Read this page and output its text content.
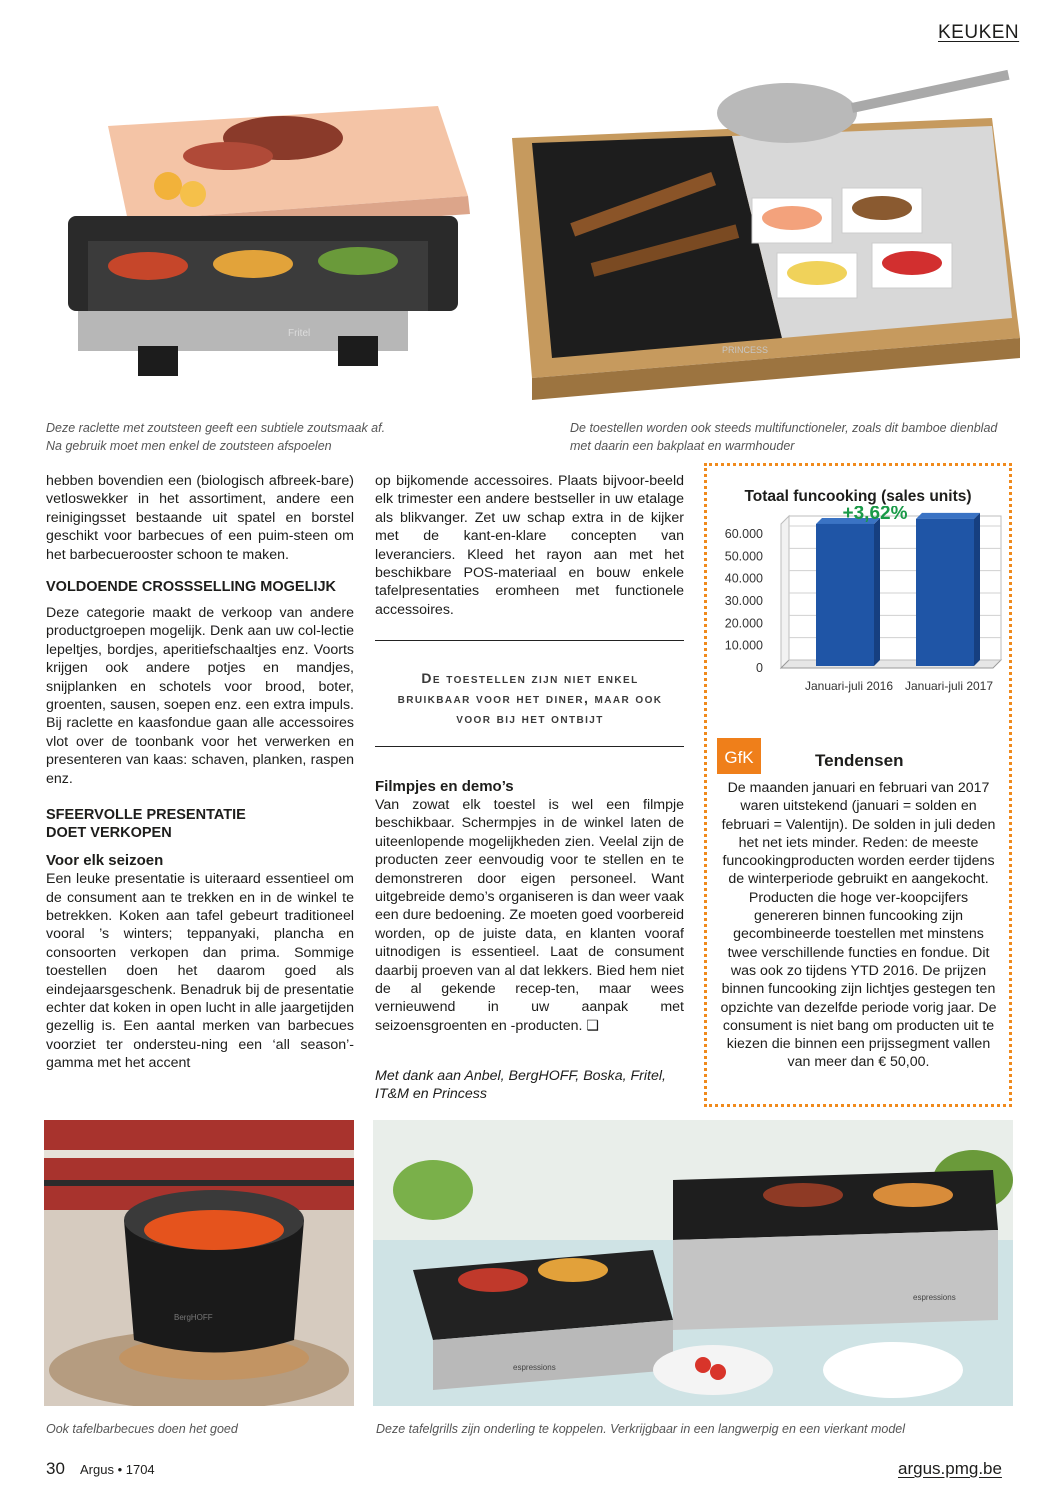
KEUKEN
Fritel
PRINCESS
Deze raclette met zoutsteen geeft een subtiele zoutsmaak af.
Na gebruik moet men enkel de zoutsteen afspoelen
De toestellen worden ook steeds multifunctioneler, zoals dit bamboe dienblad
met daarin een bakplaat en warmhouder

hebben bovendien een (biologisch afbreek-bare) vetloswekker in het assortiment, andere een reinigingsset bestaande uit spatel en borstel geschikt voor barbecues of een puim-steen om het barbecuerooster schoon te maken.

VOLDOENDE CROSSSELLING MOGELIJK

Deze categorie maakt de verkoop van andere productgroepen mogelijk. Denk aan uw col-lectie lepeltjes, bordjes, aperitiefschaaltjes enz. Voorts krijgen ook andere potjes en mandjes, snijplanken en schotels voor brood, boter, groenten, sausen, soepen enz. een extra impuls. Bij raclette en kaasfondue gaan alle accessoires vlot over de toonbank voor het verwerken en presenteren van kaas: schaven, planken, raspen enz.

SFEERVOLLE PRESENTATIE

DOET VERKOPEN

Voor elk seizoen

Een leuke presentatie is uiteraard essentieel om de consument aan te trekken en in de winkel te betrekken. Koken aan tafel gebeurt traditioneel vooral ’s winters; teppanyaki, plancha en consoorten verkopen dan prima. Sommige toestellen doen het daarom goed als eindejaarsgeschenk. Benadruk bij de presentatie echter dat koken in open lucht in alle jaargetijden gezellig is. Een aantal merken van barbecues voorziet ter ondersteu-ning een ‘all season’-gamma met het accent

op bijkomende accessoires. Plaats bijvoor-beeld elk trimester een andere bestseller in uw etalage als blikvanger. Zet uw schap extra in de kijker met de kant-en-klare concepten van leveranciers. Kleed het rayon aan met het beschikbare POS-materiaal en bouw enkele tafelpresentaties eromheen met functionele accessoires.

De toestellen zijn niet enkel bruikbaar voor het diner, maar ook voor bij het ontbijt

Filmpjes en demo’s

Van zowat elk toestel is wel een filmpje beschikbaar. Schermpjes in de winkel laten de uiteenlopende mogelijkheden zien. Veelal zijn de producten zeer eenvoudig voor te stellen en te demonstreren door eigen personeel. Want uitgebreide demo’s organiseren is dan weer vaak een dure bedoening. Ze moeten goed voorbereid worden, op de juiste data, en klanten vooraf uitnodigen is essentieel. Laat de consument daarbij proeven van al dat lekkers. Bied hem niet de al gekende recep-ten, maar wees vernieuwend in uw aanpak met seizoensgroenten en -producten. ❑

Met dank aan Anbel, BergHOFF, Boska, Fritel, IT&M en Princess
Totaal funcooking (sales units)
0
10.000
20.000
30.000
40.000
50.000
60.000
Januari-juli 2016 Januari-juli 2017
+3,62%
GfK	Tendensen
De maanden januari en februari van 2017 waren uitstekend (januari = solden en februari = Valentijn). De solden in juli deden het net iets minder. Reden: de meeste funcookingproducten worden eerder tijdens de winterperiode gebruikt en aangekocht. Producten die hoge ver-koopcijfers genereren binnen funcooking zijn gecombineerde toestellen met minstens twee verschillende functies en fondue. Dit was ook zo tijdens YTD 2016. De prijzen binnen funcooking zijn lichtjes gestegen ten opzichte van dezelfde periode vorig jaar. De consument is niet bang om producten uit te kiezen die binnen een prijssegment vallen van meer dan € 50,00.
BergHOFF
espressions
espressions
Ook tafelbarbecues doen het goed	Deze tafelgrills zijn onderling te koppelen. Verkrijgbaar in een langwerpig en een vierkant model
30 Argus • 1704	argus.pmg.be
